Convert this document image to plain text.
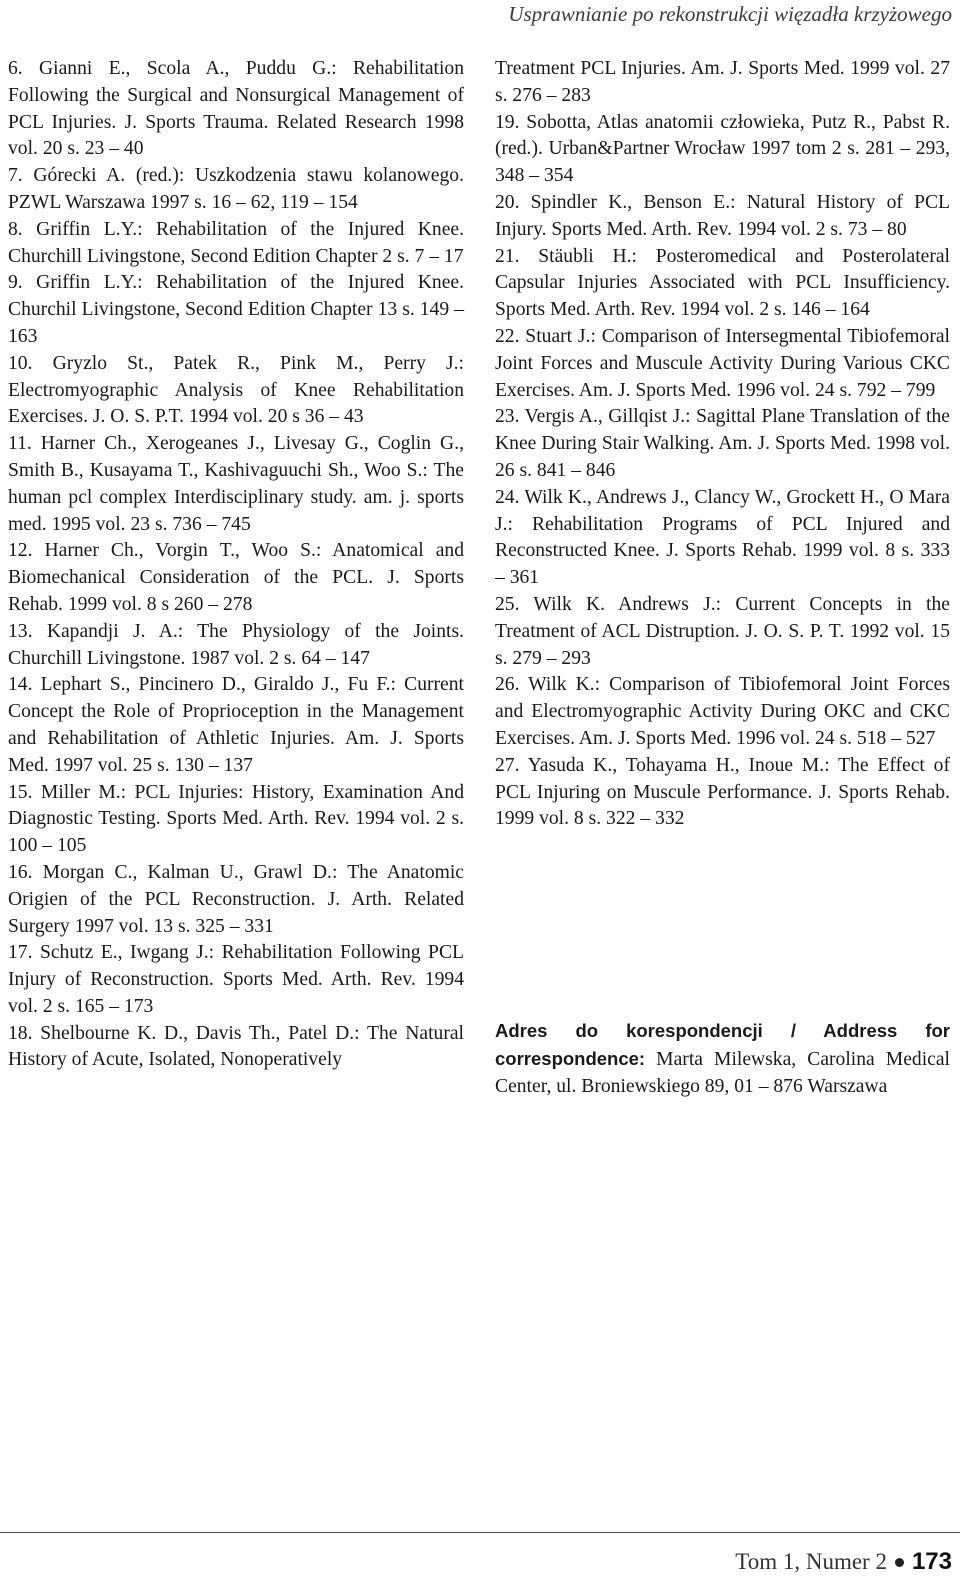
Usprawnianie po rekonstrukcji więzadła krzyżowego

6. Gianni E., Scola A., Puddu G.: Rehabilitation Following the Surgical and Nonsurgical Management of PCL Injuries. J. Sports Trauma. Related Research 1998 vol. 20 s. 23 – 40

7. Górecki A. (red.): Uszkodzenia stawu kolanowego. PZWL Warszawa 1997 s. 16 – 62, 119 – 154

8. Griffin L.Y.: Rehabilitation of the Injured Knee. Churchill Livingstone, Second Edition Chapter 2 s. 7 – 17

9. Griffin L.Y.: Rehabilitation of the Injured Knee. Churchil Livingstone, Second Edition Chapter 13 s. 149 – 163

10. Gryzlo St., Patek R., Pink M., Perry J.: Electromyographic Analysis of Knee Rehabilitation Exercises. J. O. S. P.T. 1994 vol. 20 s 36 – 43

11. Harner Ch., Xerogeanes J., Livesay G., Coglin G., Smith B., Kusayama T., Kashivaguuchi Sh., Woo S.: The human pcl complex Interdisciplinary study. am. j. sports med. 1995 vol. 23 s. 736 – 745

12. Harner Ch., Vorgin T., Woo S.: Anatomical and Biomechanical Consideration of the PCL. J. Sports Rehab. 1999 vol. 8 s 260 – 278

13. Kapandji J. A.: The Physiology of the Joints. Churchill Livingstone. 1987 vol. 2 s. 64 – 147

14. Lephart S., Pincinero D., Giraldo J., Fu F.: Current Concept the Role of Proprioception in the Management and Rehabilitation of Athletic Injuries. Am. J. Sports Med. 1997 vol. 25 s. 130 – 137

15. Miller M.: PCL Injuries: History, Examination And Diagnostic Testing. Sports Med. Arth. Rev. 1994 vol. 2 s. 100 – 105

16. Morgan C., Kalman U., Grawl D.: The Anatomic Origien of the PCL Reconstruction. J. Arth. Related Surgery 1997 vol. 13 s. 325 – 331

17. Schutz E., Iwgang J.: Rehabilitation Following PCL Injury of Reconstruction. Sports Med. Arth. Rev. 1994 vol. 2 s. 165 – 173

18. Shelbourne K. D., Davis Th., Patel D.: The Natural History of Acute, Isolated, Nonoperatively

Treatment PCL Injuries. Am. J. Sports Med. 1999 vol. 27 s. 276 – 283

19. Sobotta, Atlas anatomii człowieka, Putz R., Pabst R. (red.). Urban&Partner Wrocław 1997 tom 2 s. 281 – 293, 348 – 354

20. Spindler K., Benson E.: Natural History of PCL Injury. Sports Med. Arth. Rev. 1994 vol. 2 s. 73 – 80

21. Stäubli H.: Posteromedical and Posterolateral Capsular Injuries Associated with PCL Insufficiency. Sports Med. Arth. Rev. 1994 vol. 2 s. 146 – 164

22. Stuart J.: Comparison of Intersegmental Tibiofemoral Joint Forces and Muscule Activity During Various CKC Exercises. Am. J. Sports Med. 1996 vol. 24 s. 792 – 799

23. Vergis A., Gillqist J.: Sagittal Plane Translation of the Knee During Stair Walking. Am. J. Sports Med. 1998 vol. 26 s. 841 – 846

24. Wilk K., Andrews J., Clancy W., Grockett H., O Mara J.: Rehabilitation Programs of PCL Injured and Reconstructed Knee. J. Sports Rehab. 1999 vol. 8 s. 333 – 361

25. Wilk K. Andrews J.: Current Concepts in the Treatment of ACL Distruption. J. O. S. P. T. 1992 vol. 15 s. 279 – 293

26. Wilk K.: Comparison of Tibiofemoral Joint Forces and Electromyographic Activity During OKC and CKC Exercises. Am. J. Sports Med. 1996 vol. 24 s. 518 – 527

27. Yasuda K., Tohayama H., Inoue M.: The Effect of PCL Injuring on Muscule Performance. J. Sports Rehab. 1999 vol. 8 s. 322 – 332

Adres do korespondencji / Address for correspondence: Marta Milewska, Carolina Medical Center, ul. Broniewskiego 89, 01 – 876 Warszawa
Tom 1, Numer 2 173
